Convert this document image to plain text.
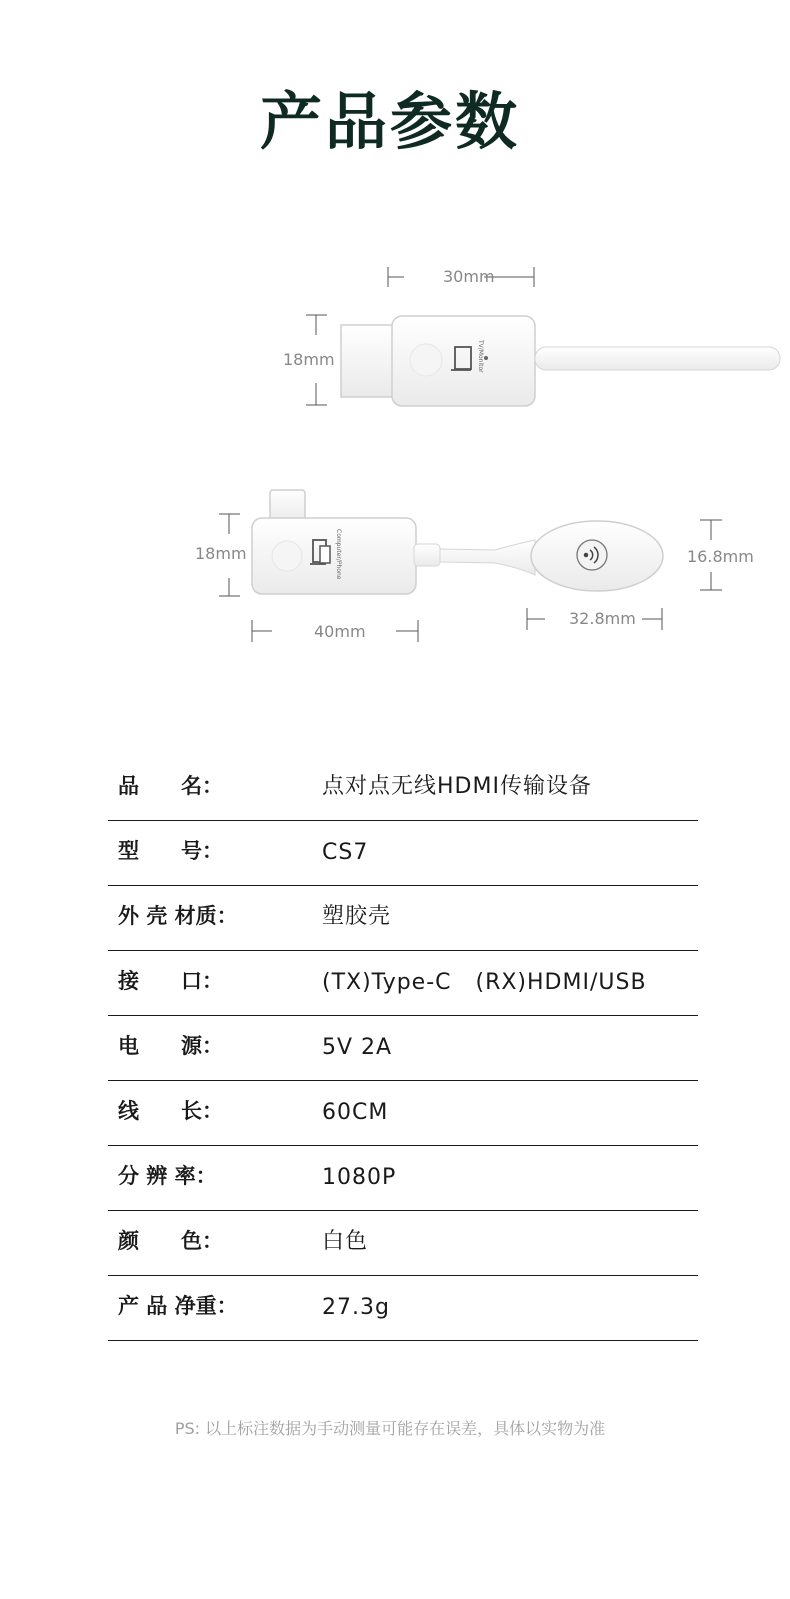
产品参数
TV/Monitor
30mm
18mm
Computer/Phone
18mm
40mm
16.8mm
32.8mm
品　　名：	点对点无线HDMI传输设备
型　　号：	CS7
外 壳 材质：	塑胶壳
接　　口：	(TX)Type-C   (RX)HDMI/USB
电　　源：	5V 2A
线　　长：	60CM
分 辨 率：	1080P
颜　　色：	白色
产 品 净重：	27.3g
PS: 以上标注数据为手动测量可能存在误差，具体以实物为准
